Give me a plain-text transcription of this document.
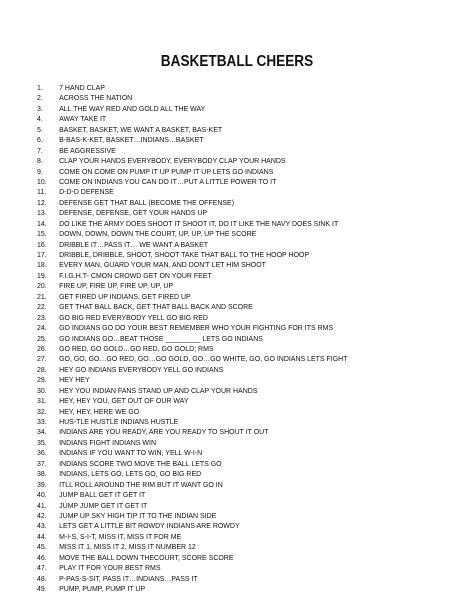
BASKETBALL CHEERS
1. 7 HAND CLAP
2. ACROSS THE NATION
3. ALL THE WAY RED AND GOLD ALL THE WAY
4. AWAY TAKE IT
5. BASKET, BASKET, WE WANT A BASKET, BAS-KET
6. B-BAS-K-KET, BASKET…INDIANS…BASKET
7. BE AGGRESSIVE
8. CLAP YOUR HANDS EVERYBODY, EVERYBODY CLAP YOUR HANDS
9. COME ON COME ON PUMP IT UP PUMP IT UP LETS GO INDIANS
10. COME ON INDIANS YOU CAN DO IT…PUT A LITTLE POWER TO IT
11. D-D-D DEFENSE
12. DEFENSE GET THAT BALL (BECOME THE OFFENSE)
13. DEFENSE, DEFENSE, GET YOUR HANDS UP
14. DO LIKE THE ARMY DOES SHOOT IT SHOOT IT, DO IT LIKE THE NAVY DOES SINK IT
15. DOWN, DOWN, DOWN THE COURT, UP, UP, UP THE SCORE
16. DRIBBLE IT…PASS IT… WE WANT A BASKET
17. DRIBBLE, DRIBBLE, SHOOT, SHOOT TAKE THAT BALL TO THE HOOP HOOP
18. EVERY MAN, GUARD YOUR MAN, AND DON'T LET HIM SHOOT
19. F.I.G.H.T- CMON CROWD GET ON YOUR FEET
20. FIRE UP, FIRE UP, FIRE UP, UP, UP
21. GET FIRED UP INDIANS, GET FIRED UP
22. GET THAT BALL BACK, GET THAT BALL BACK AND SCORE
23. GO BIG RED EVERYBODY YELL GO BIG RED
24. GO INDIANS GO DO YOUR BEST REMEMBER WHO YOUR FIGHTING FOR ITS RMS
25. GO INDIANS GO…BEAT THOSE _________ LETS GO INDIANS
26. GO RED, GO GOLD…GO RED, GO GOLD; RMS
27. GO, GO, GO…GO RED, GO…GO GOLD, GO…GO WHITE, GO, GO INDIANS LETS FIGHT
28. HEY GO INDIANS EVERYBODY YELL GO INDIANS
29. HEY HEY
30. HEY YOU INDIAN FANS STAND UP AND CLAP YOUR HANDS
31. HEY, HEY YOU, GET OUT OF OUR WAY
32. HEY, HEY, HERE WE GO
33. HUS-TLE HUSTLE INDIANS HUSTLE
34. INDIANS ARE YOU READY, ARE YOU READY TO SHOUT IT OUT
35. INDIANS FIGHT INDIANS WIN
36. INDIANS IF YOU WANT TO WIN, YELL W-I-N
37. INDIANS SCORE TWO MOVE THE BALL LETS GO
38. INDIANS, LETS GO, LETS GO, GO BIG RED
39. ITLL ROLL AROUND THE RIM BUT IT WANT GO IN
40. JUMP BALL GET IT GET IT
41. JUMP JUMP GET IT GET IT
42. JUMP UP SKY HIGH TIP IT TO THE INDIAN SIDE
43. LETS GET A LITTLE BIT ROWDY INDIANS ARE ROWDY
44. M-I-S, S-I-T, MISS IT, MISS IT FOR ME
45. MISS IT 1, MISS IT 2, MISS IT NUMBER 12
46. MOVE THE BALL DOWN THECOURT, SCORE SCORE
47. PLAY IT FOR YOUR BEST RMS
48. P-PAS-S-SIT, PASS IT…INDIANS…PASS IT
49. PUMP, PUMP, PUMP IT UP
